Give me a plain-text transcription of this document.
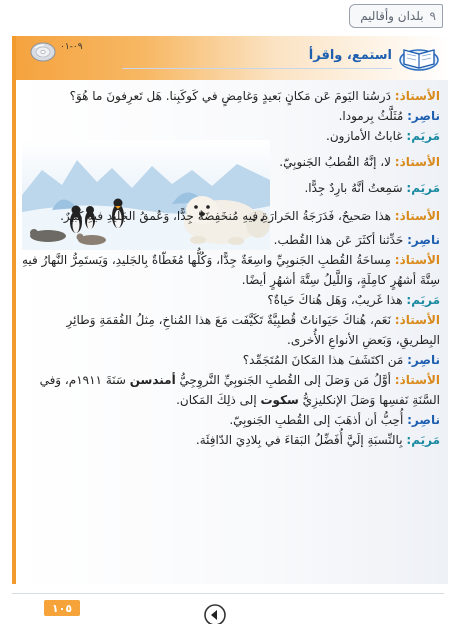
٩
بلدان وأقاليم
٠٩-٠١
استمع، واقرأ
الأستاذ: دَرسُنا اليَومَ عَن مَكانٍ بَعيدٍ وَغامِضٍ في كَوكَبِنا. هَل تَعرِفونَ ما هُوَ؟
ناصِر: مُثَلَّثُ بِرمودا.
مَريَم: غاباتُ الأمازون.
الأستاذ: لا، إنَّهُ القُطبُ الجَنوبِيّ.
مَريَم: سَمِعتُ أنَّهُ بارِدٌ جِدًّا.
الأستاذ: هذا صَحيحٌ، فَدَرَجَةُ الحَرارَةِ فيهِ مُنخَفِضَةٌ جِدًّا، وَعُمقُ الجَليدِ فيهِ كَبيرٌ.
ناصِر: حَدِّثنا أكثَرَ عَن هذا القُطب.
الأستاذ: مِساحَةُ القُطبِ الجَنوبِيِّ واسِعَةٌ جِدًّا، وَكُلُّها مُغَطّاةٌ بِالجَليدِ، وَيَستَمِرُّ النَّهارُ فيهِ سِتَّةَ أشهُرٍ كامِلَةٍ، وَاللَّيلُ سِتَّةَ أشهُرٍ أيضًا.
مَريَم: هذا غَريبٌ، وَهَل هُناكَ حَياةٌ؟
الأستاذ: نَعَم، هُناكَ حَيَواناتٌ قُطبِيَّةٌ تَكَيَّفَت مَعَ هذا المُناخِ، مِثلُ الفُقمَةِ وَطائِرِ البِطريقِ، وَبَعضِ الأنواعِ الأُخرى.
ناصِر: مَن اكتَشَفَ هذا المَكانَ المُتَجَمِّد؟
الأستاذ: أوَّلُ مَن وَصَلَ إلى القُطبِ الجَنوبِيِّ النَّروِجِيُّ أمندسن سَنَةَ ١٩١١م، وَفي السَّنَةِ نَفسِها وَصَلَ الإنكليزِيُّ سكوت إلى ذلِكَ المَكان.
ناصِر: أُحِبُّ أن أذهَبَ إلى القُطبِ الجَنوبِيّ.
مَريَم: بِالنِّسبَةِ إلَيَّ أُفَضِّلُ البَقاءَ في بِلادِيَ الدّافِئَة.
١٠٥
